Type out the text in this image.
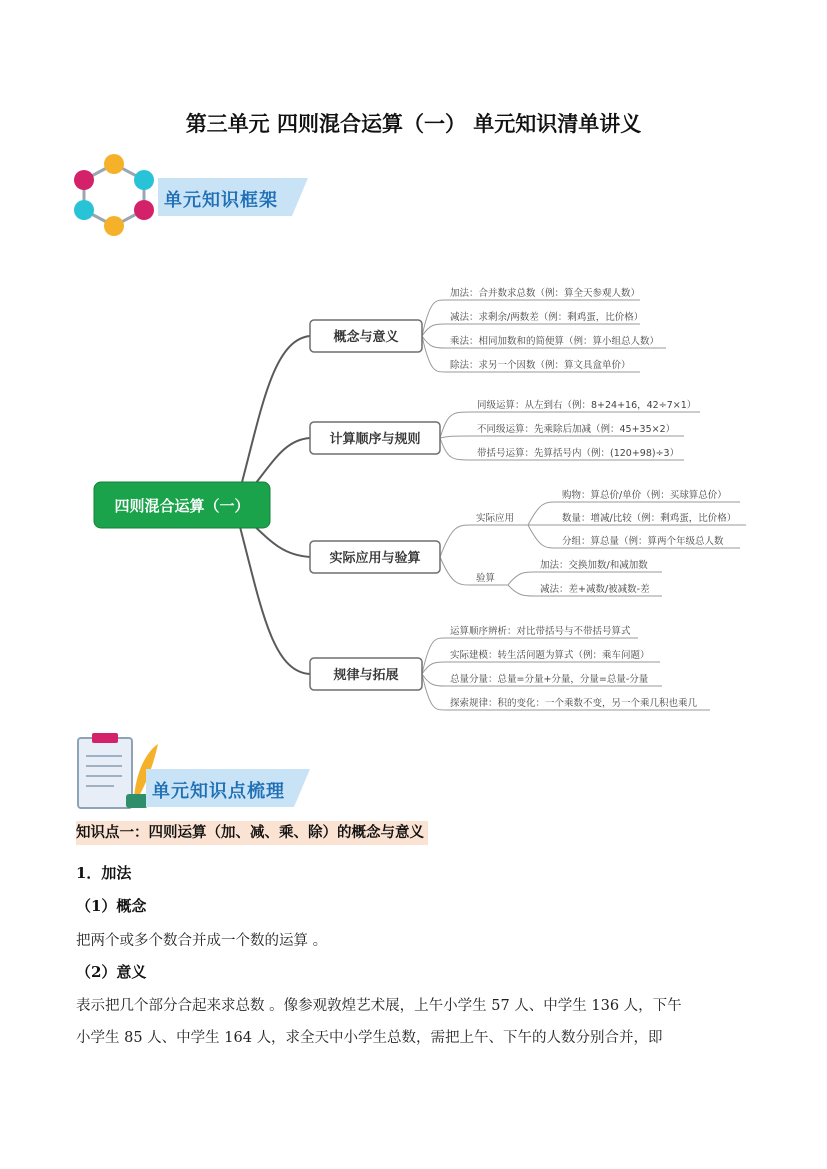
第三单元 四则混合运算（一） 单元知识清单讲义
单元知识框架
四则混合运算（一）
概念与意义
计算顺序与规则
实际应用与验算
规律与拓展
加法：合并数求总数（例：算全天参观人数）
减法：求剩余/两数差（例：剩鸡蛋，比价格）
乘法：相同加数和的简便算（例：算小组总人数）
除法：求另一个因数（例：算文具盒单价）
同级运算：从左到右（例：8+24+16，42÷7×1）
不同级运算：先乘除后加减（例：45+35×2）
带括号运算：先算括号内（例：(120+98)÷3）
实际应用
验算
购物：算总价/单价（例：买球算总价）
数量：增减/比较（例：剩鸡蛋，比价格）
分组：算总量（例：算两个年级总人数
加法：交换加数/和减加数
减法：差+减数/被减数-差
运算顺序辨析：对比带括号与不带括号算式
实际建模：转生活问题为算式（例：乘车问题）
总量分量：总量=分量+分量，分量=总量-分量
探索规律：积的变化：一个乘数不变，另一个乘几积也乘几
单元知识点梳理
知识点一：四则运算（加、减、乘、除）的概念与意义
1．加法
（1）概念
把两个或多个数合并成一个数的运算 。
（2）意义
表示把几个部分合起来求总数 。像参观敦煌艺术展，上午小学生 57 人、中学生 136 人，下午
小学生 85 人、中学生 164 人，求全天中小学生总数，需把上午、下午的人数分别合并，即
